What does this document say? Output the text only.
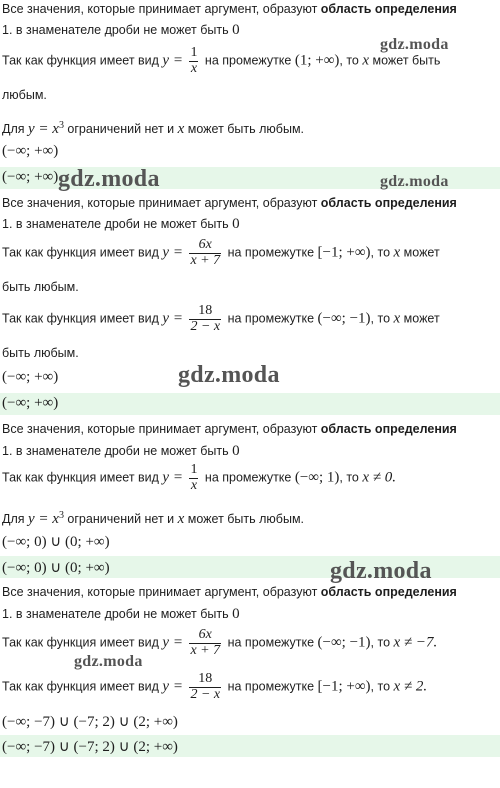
Все значения, которые принимает аргумент, образуют область определения
1. в знаменателе дроби не может быть 0
Так как функция имеет вид $y = \frac{1}{x}$ на промежутке (1; +∞), то x может быть
любым.
Для $y = x^3$ ограничений нет и x может быть любым.
(−∞; +∞)
(−∞; +∞)
Все значения, которые принимает аргумент, образуют область определения
1. в знаменателе дроби не может быть 0
Так как функция имеет вид $y = \frac{6x}{x + 7}$ на промежутке [−1; +∞), то x может
быть любым.
Так как функция имеет вид $y = \frac{18}{2 - x}$ на промежутке (−∞; −1), то x может
быть любым.
(−∞; +∞)
(−∞; +∞)
Все значения, которые принимает аргумент, образуют область определения
1. в знаменателе дроби не может быть 0
Так как функция имеет вид $y = \frac{1}{x}$ на промежутке (−∞; 1), то x ≠ 0.
Для $y = x^3$ ограничений нет и x может быть любым.
(−∞; 0) ∪ (0; +∞)
(−∞; 0) ∪ (0; +∞)
Все значения, которые принимает аргумент, образуют область определения
1. в знаменателе дроби не может быть 0
Так как функция имеет вид $y = \frac{6x}{x + 7}$ на промежутке (−∞; −1), то x ≠ −7.
Так как функция имеет вид $y = \frac{18}{2 - x}$ на промежутке [−1; +∞), то x ≠ 2.
(−∞; −7) ∪ (−7; 2) ∪ (2; +∞)
(−∞; −7) ∪ (−7; 2) ∪ (2; +∞)
gdz.moda
gdz.moda	gdz.moda
gdz.moda
gdz.moda
gdz.moda
